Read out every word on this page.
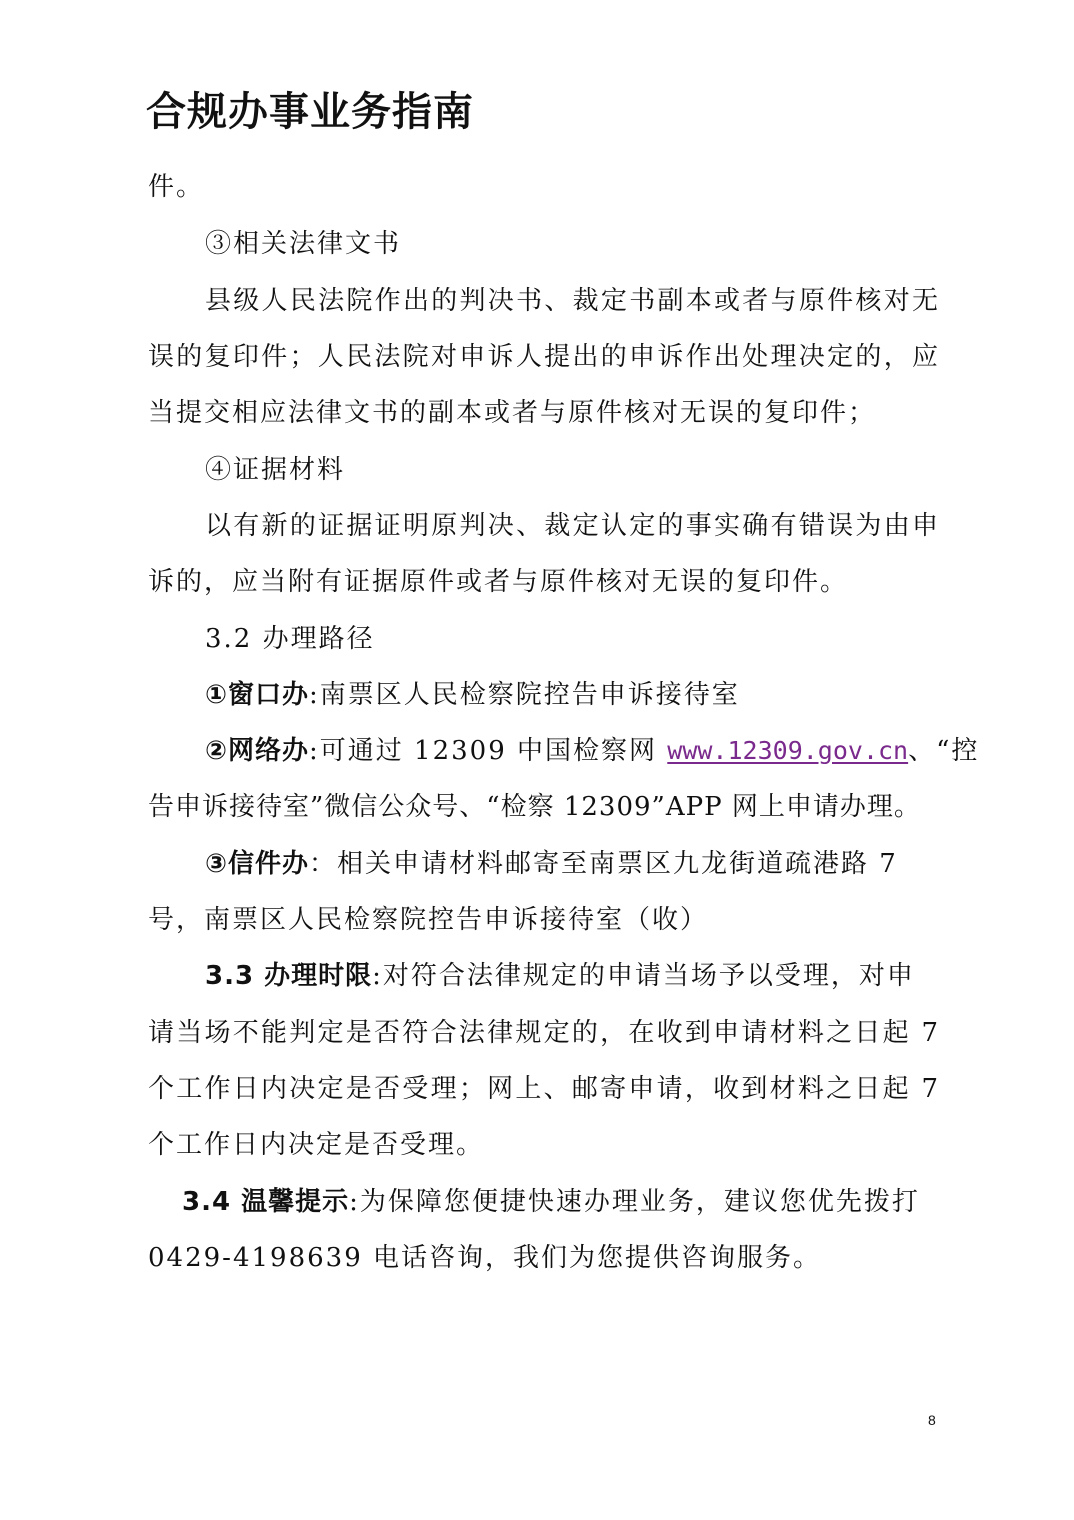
合规办事业务指南
件。
③相关法律文书
县级人民法院作出的判决书、裁定书副本或者与原件核对无
误的复印件；人民法院对申诉人提出的申诉作出处理决定的，应
当提交相应法律文书的副本或者与原件核对无误的复印件；
④证据材料
以有新的证据证明原判决、裁定认定的事实确有错误为由申
诉的，应当附有证据原件或者与原件核对无误的复印件。
3.2 办理路径
①窗口办:南票区人民检察院控告申诉接待室
②网络办:可通过 12309 中国检察网 www.12309.gov.cn、“控
告申诉接待室”微信公众号、“检察 12309”APP 网上申请办理。
③信件办：相关申请材料邮寄至南票区九龙街道疏港路 7
号，南票区人民检察院控告申诉接待室（收）
3.3 办理时限:对符合法律规定的申请当场予以受理，对申
请当场不能判定是否符合法律规定的，在收到申请材料之日起 7
个工作日内决定是否受理；网上、邮寄申请，收到材料之日起 7
个工作日内决定是否受理。
3.4 温馨提示:为保障您便捷快速办理业务，建议您优先拨打
0429-4198639 电话咨询，我们为您提供咨询服务。
8
